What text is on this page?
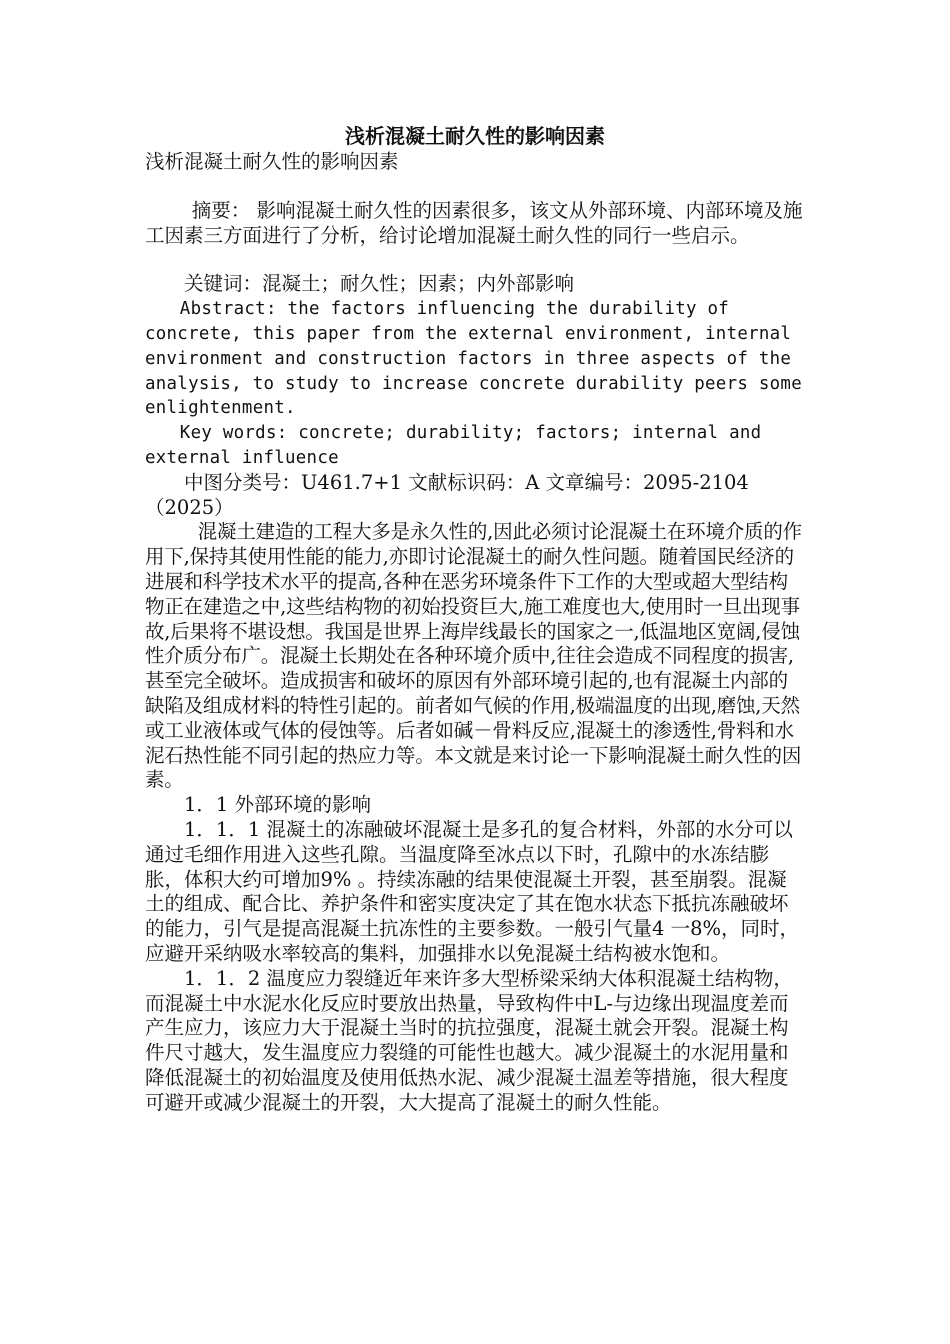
浅析混凝土耐久性的影响因素

浅析混凝土耐久性的影响因素

摘要： 影响混凝土耐久性的因素很多，该文从外部环境、内部环境及施工因素三方面进行了分析，给讨论增加混凝土耐久性的同行一些启示。

关键词：混凝土；耐久性；因素；内外部影响

Abstract: the factors influencing the durability of concrete, this paper from the external environment, internal environment and construction factors in three aspects of the analysis, to study to increase concrete durability peers some enlightenment.

Key words: concrete; durability; factors; internal and external influence

中图分类号：U461.7+1 文献标识码：A 文章编号：2095-2104（2025）

混凝土建造的工程大多是永久性的,因此必须讨论混凝土在环境介质的作用下,保持其使用性能的能力,亦即讨论混凝土的耐久性问题。随着国民经济的进展和科学技术水平的提高,各种在恶劣环境条件下工作的大型或超大型结构物正在建造之中,这些结构物的初始投资巨大,施工难度也大,使用时一旦出现事故,后果将不堪设想。我国是世界上海岸线最长的国家之一,低温地区宽阔,侵蚀性介质分布广。混凝土长期处在各种环境介质中,往往会造成不同程度的损害,甚至完全破坏。造成损害和破坏的原因有外部环境引起的,也有混凝土内部的缺陷及组成材料的特性引起的。前者如气候的作用,极端温度的出现,磨蚀,天然或工业液体或气体的侵蚀等。后者如碱－骨料反应,混凝土的渗透性,骨料和水泥石热性能不同引起的热应力等。本文就是来讨论一下影响混凝土耐久性的因素。

1．1 外部环境的影响

1．1．1 混凝土的冻融破坏混凝土是多孔的复合材料，外部的水分可以通过毛细作用进入这些孔隙。当温度降至冰点以下时，孔隙中的水冻结膨胀，体积大约可增加9% 。持续冻融的结果使混凝土开裂，甚至崩裂。混凝土的组成、配合比、养护条件和密实度决定了其在饱水状态下抵抗冻融破坏的能力，引气是提高混凝土抗冻性的主要参数。一般引气量4 一8%，同时，应避开采纳吸水率较高的集料，加强排水以免混凝土结构被水饱和。

1．1．2 温度应力裂缝近年来许多大型桥梁采纳大体积混凝土结构物，而混凝土中水泥水化反应时要放出热量，导致构件中L-与边缘出现温度差而产生应力，该应力大于混凝土当时的抗拉强度，混凝土就会开裂。混凝土构件尺寸越大，发生温度应力裂缝的可能性也越大。减少混凝土的水泥用量和降低混凝土的初始温度及使用低热水泥、减少混凝土温差等措施，很大程度可避开或减少混凝土的开裂，大大提高了混凝土的耐久性能。
